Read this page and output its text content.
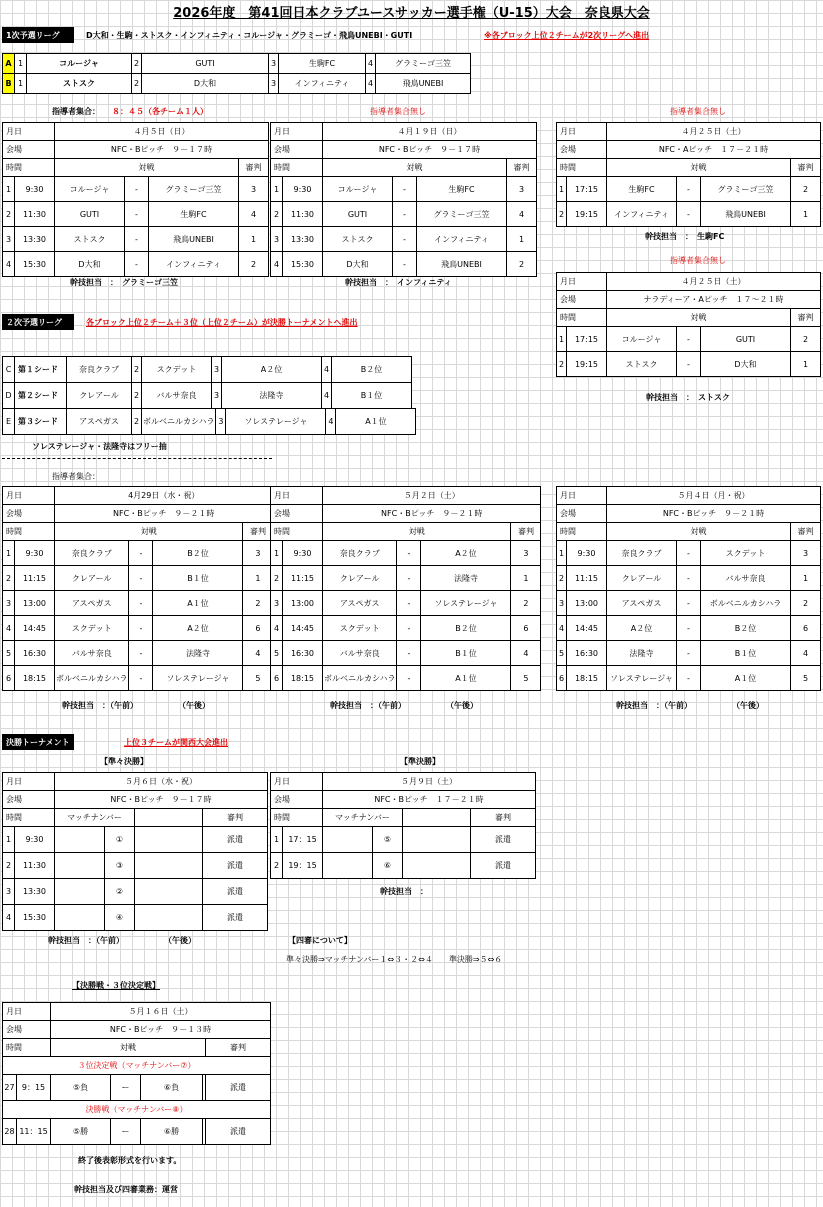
2026年度　第41回日本クラブユースサッカー選手権（U-15）大会　奈良県大会
1次予選リーグ	D大和・生駒・ストスク・インフィニティ・コルージャ・グラミーゴ・飛鳥UNEBI・GUTI	※各ブロック上位２チームが2次リーグへ進出
A	1	コルージャ	2	GUTI	3	生駒FC	4	グラミーゴ三笠
B	1	ストスク	2	D大和	3	インフィニティ	4	飛鳥UNEBI
指導者集合： ８：４５（各チーム１人）	指導者集合無し	指導者集合無し
月日		４月５日（日）			
会場		NFC・Bピッチ　９－１７時			
時間		対戦			審判
1	9:30	コルージャ	-	グラミーゴ三笠	3
2	11:30	GUTI	-	生駒FC	4
3	13:30	ストスク	-	飛鳥UNEBI	1
4	15:30	D大和	-	インフィニティ	2
月日		４月１９日（日）			
会場		NFC・Bピッチ　９－１７時			
時間		対戦			審判
1	9:30	コルージャ	-	生駒FC	3
2	11:30	GUTI	-	グラミーゴ三笠	4
3	13:30	ストスク	-	インフィニティ	1
4	15:30	D大和	-	飛鳥UNEBI	2
月日		４月２５日（土）			
会場		NFC・Aピッチ　１７－２１時			
時間		対戦			審判
1	17:15	生駒FC	-	グラミーゴ三笠	2
2	19:15	インフィニティ	-	飛鳥UNEBI	1
幹技担当　：　グラミーゴ三笠	幹技担当　：　インフィニティ
幹技担当　：　生駒FC
指導者集合無し
月日		４月２５日（土）			
会場		ナラディーア・Aピッチ　１７～２１時			
時間		対戦			審判
1	17:15	コルージャ	-	GUTI	2
2	19:15	ストスク	-	D大和	1
幹技担当　：　ストスク
２次予選リーグ	各ブロック上位２チーム＋３位（上位２チーム）が決勝トーナメントへ進出
C	第１シード	奈良クラブ	2	スクデット	3	A２位	4	B２位
D	第２シード	クレアール	2	バルサ奈良	3	法隆寺	4	B１位
E	第３シード	アスペガス	2	ボルベニルカシハラ	3	ソレステレージャ	4	A１位
ソレステレージャ・法隆寺はフリー抽
指導者集合：
月日		4月29日（水・祝）			
会場		NFC・Bピッチ　９－２１時			
時間		対戦			審判
1	9:30	奈良クラブ	-	B２位	3
2	11:15	クレアール	-	B１位	1
3	13:00	アスペガス	-	A１位	2
4	14:45	スクデット	-	A２位	6
5	16:30	バルサ奈良	-	法隆寺	4
6	18:15	ボルベニルカシハラ	-	ソレステレージャ	5
幹技担当　：（午前）　　　　　　（午後）
月日		５月２日（土）			
会場		NFC・Bピッチ　９－２１時			
時間		対戦			審判
1	9:30	奈良クラブ	-	A２位	3
2	11:15	クレアール	-	法隆寺	1
3	13:00	アスペガス	-	ソレステレージャ	2
4	14:45	スクデット	-	B２位	6
5	16:30	バルサ奈良	-	B１位	4
6	18:15	ボルベニルカシハラ	-	A１位	5
幹技担当　：（午前）　　　　　　（午後）
月日		５月４日（月・祝）			
会場		NFC・Bピッチ　９－２１時			
時間		対戦			審判
1	9:30	奈良クラブ	-	スクデット	3
2	11:15	クレアール	-	バルサ奈良	1
3	13:00	アスペガス	-	ボルベニルカシハラ	2
4	14:45	A２位	-	B２位	6
5	16:30	法隆寺	-	B１位	4
6	18:15	ソレステレージャ	-	A１位	5
幹技担当　：（午前）　　　　　　（午後）
決勝トーナメント	上位３チームが関西大会進出
【準々決勝】	【準決勝】
月日		５月６日（水・祝）			
会場		NFC・Bピッチ　９－１７時			
時間		マッチナンバー			審判
1	9:30		①		派遣
2	11:30		③		派遣
3	13:30		②		派遣
4	15:30		④		派遣
月日		５月９日（土）			
会場		NFC・Bピッチ　１７－２１時			
時間		マッチナンバー			審判
1	17：15		⑤		派遣
2	19：15		⑥		派遣
幹技担当　：（午前）　　　　　　（午後）
幹技担当　：
【四審について】
準々決勝⇒マッチナンバー１⇔３・２⇔４　　準決勝⇒５⇔６
【決勝戦・３位決定戦】
月日		５月１６日（土）				
会場		NFC・Bピッチ　９－１３時				
時間		対戦				審判
３位決定戦（マッチナンバー⑦）						
27	9：15	⑤負	ー	⑥負		派遣
決勝戦（マッチナンバー⑧）						
28	11：15	⑤勝	ー	⑥勝		派遣
終了後表彰形式を行います。
幹技担当及び四審業務：運営
